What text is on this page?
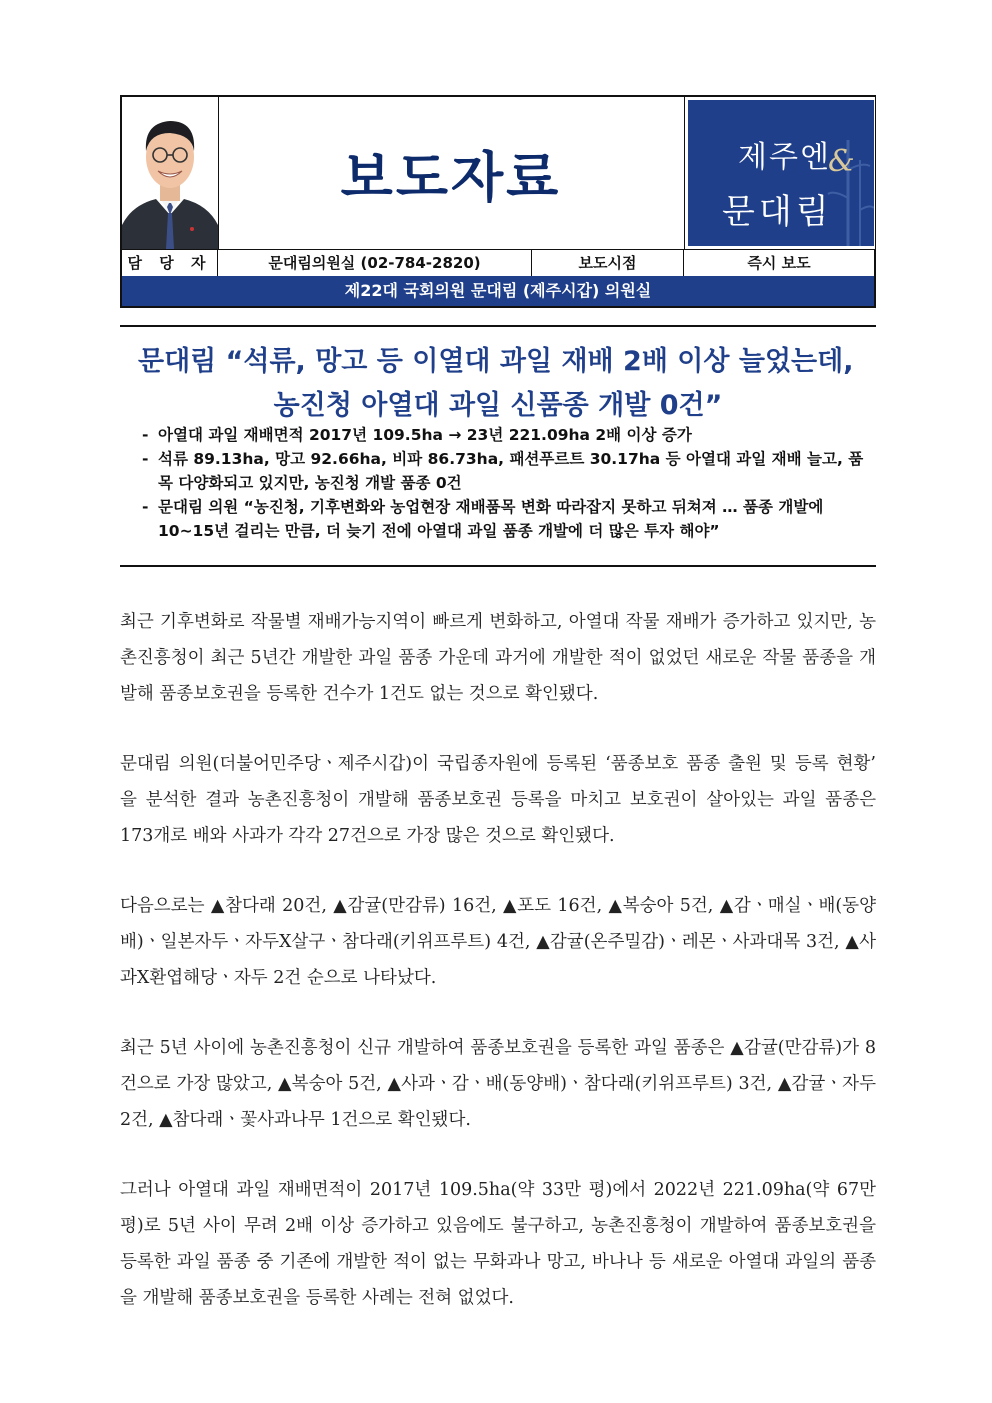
보도자료	제주엔
&
문대림
담 당 자	문대림의원실 (02-784-2820)	보도시점	즉시 보도
제22대 국회의원 문대림 (제주시갑) 의원실
문대림 “석류, 망고 등 이열대 과일 재배 2배 이상 늘었는데,
농진청 아열대 과일 신품종 개발 0건”
- 아열대 과일 재배면적 2017년 109.5ha → 23년 221.09ha 2배 이상 증가
- 석류 89.13ha, 망고 92.66ha, 비파 86.73ha, 패션푸르트 30.17ha 등 아열대 과일 재배 늘고, 품목 다양화되고 있지만, 농진청 개발 품종 0건
- 문대림 의원 “농진청, 기후변화와 농업현장 재배품목 변화 따라잡지 못하고 뒤쳐져 … 품종 개발에 10~15년 걸리는 만큼, 더 늦기 전에 아열대 과일 품종 개발에 더 많은 투자 해야”

최근 기후변화로 작물별 재배가능지역이 빠르게 변화하고, 아열대 작물 재배가 증가하고 있지만, 농촌진흥청이 최근 5년간 개발한 과일 품종 가운데 과거에 개발한 적이 없었던 새로운 작물 품종을 개발해 품종보호권을 등록한 건수가 1건도 없는 것으로 확인됐다.

문대림 의원(더불어민주당ㆍ제주시갑)이 국립종자원에 등록된 ‘품종보호 품종 출원 및 등록 현황’ 을 분석한 결과 농촌진흥청이 개발해 품종보호권 등록을 마치고 보호권이 살아있는 과일 품종은 173개로 배와 사과가 각각 27건으로 가장 많은 것으로 확인됐다.

다음으로는 ▲참다래 20건, ▲감귤(만감류) 16건, ▲포도 16건, ▲복숭아 5건, ▲감ㆍ매실ㆍ배(동양배)ㆍ일본자두ㆍ자두X살구ㆍ참다래(키위프루트) 4건, ▲감귤(온주밀감)ㆍ레몬ㆍ사과대목 3건, ▲사과X환엽해당ㆍ자두 2건 순으로 나타났다.

최근 5년 사이에 농촌진흥청이 신규 개발하여 품종보호권을 등록한 과일 품종은 ▲감귤(만감류)가 8건으로 가장 많았고, ▲복숭아 5건, ▲사과ㆍ감ㆍ배(동양배)ㆍ참다래(키위프루트) 3건, ▲감귤ㆍ자두 2건, ▲참다래ㆍ꽃사과나무 1건으로 확인됐다.

그러나 아열대 과일 재배면적이 2017년 109.5ha(약 33만 평)에서 2022년 221.09ha(약 67만 평)로 5년 사이 무려 2배 이상 증가하고 있음에도 불구하고, 농촌진흥청이 개발하여 품종보호권을 등록한 과일 품종 중 기존에 개발한 적이 없는 무화과나 망고, 바나나 등 새로운 아열대 과일의 품종을 개발해 품종보호권을 등록한 사례는 전혀 없었다.
